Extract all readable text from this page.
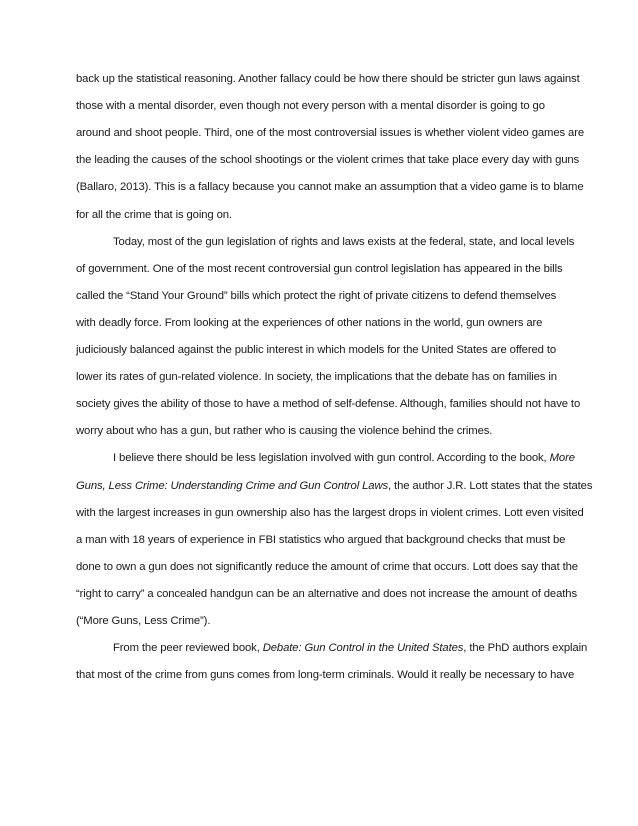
back up the statistical reasoning. Another fallacy could be how there should be stricter gun laws against
those with a mental disorder, even though not every person with a mental disorder is going to go
around and shoot people. Third, one of the most controversial issues is whether violent video games are
the leading the causes of the school shootings or the violent crimes that take place every day with guns
(Ballaro, 2013). This is a fallacy because you cannot make an assumption that a video game is to blame
for all the crime that is going on.
Today, most of the gun legislation of rights and laws exists at the federal, state, and local levels
of government. One of the most recent controversial gun control legislation has appeared in the bills
called the “Stand Your Ground” bills which protect the right of private citizens to defend themselves
with deadly force. From looking at the experiences of other nations in the world, gun owners are
judiciously balanced against the public interest in which models for the United States are offered to
lower its rates of gun-related violence. In society, the implications that the debate has on families in
society gives the ability of those to have a method of self-defense. Although, families should not have to
worry about who has a gun, but rather who is causing the violence behind the crimes.
I believe there should be less legislation involved with gun control. According to the book, More
Guns, Less Crime: Understanding Crime and Gun Control Laws, the author J.R. Lott states that the states
with the largest increases in gun ownership also has the largest drops in violent crimes. Lott even visited
a man with 18 years of experience in FBI statistics who argued that background checks that must be
done to own a gun does not significantly reduce the amount of crime that occurs. Lott does say that the
“right to carry” a concealed handgun can be an alternative and does not increase the amount of deaths
(“More Guns, Less Crime”).
From the peer reviewed book, Debate: Gun Control in the United States, the PhD authors explain
that most of the crime from guns comes from long-term criminals. Would it really be necessary to have
